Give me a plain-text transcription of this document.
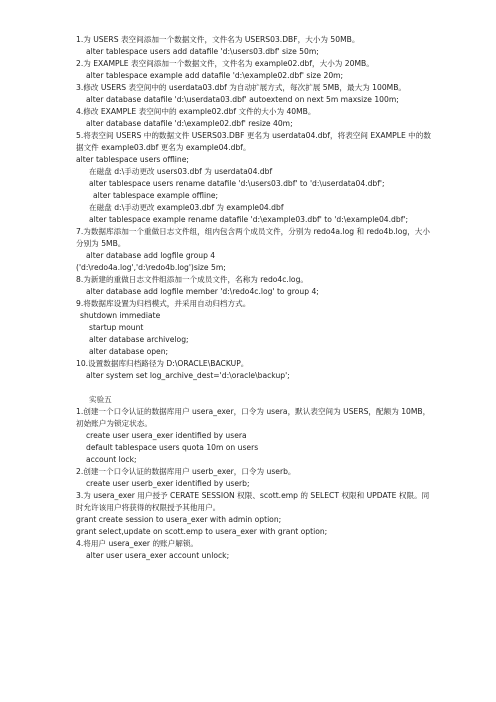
1.为 USERS 表空间添加一个数据文件，文件名为 USERS03.DBF，大小为 50MB。
alter tablespace users add datafile 'd:\users03.dbf' size 50m;
2.为 EXAMPLE 表空间添加一个数据文件，文件名为 example02.dbf，大小为 20MB。
alter tablespace example add datafile 'd:\example02.dbf' size 20m;
3.修改 USERS 表空间中的 userdata03.dbf 为自动扩展方式，每次扩展 5MB，最大为 100MB。
alter database datafile 'd:\userdata03.dbf' autoextend on next 5m maxsize 100m;
4.修改 EXAMPLE 表空间中的 example02.dbf 文件的大小为 40MB。
alter database datafile 'd:\example02.dbf' resize 40m;
5.将表空间 USERS 中的数据文件 USERS03.DBF 更名为 userdata04.dbf，将表空间 EXAMPLE 中的数据文件 example03.dbf 更名为 example04.dbf。
alter tablespace users offline;
在磁盘 d:\手动更改 users03.dbf 为 userdata04.dbf
alter tablespace users rename datafile 'd:\users03.dbf' to 'd:\userdata04.dbf';
alter tablespace example offline;
在磁盘 d:\手动更改 example03.dbf 为 example04.dbf
alter tablespace example rename datafile 'd:\example03.dbf' to 'd:\example04.dbf';
7.为数据库添加一个重做日志文件组，组内包含两个成员文件，分别为 redo4a.log 和 redo4b.log，大小分别为 5MB。
alter database add logfile group 4
('d:\redo4a.log','d:\redo4b.log')size 5m;
8.为新建的重做日志文件组添加一个成员文件，名称为 redo4c.log。
alter database add logfile member 'd:\redo4c.log' to group 4;
9.将数据库设置为归档模式，并采用自动归档方式。
shutdown immediate
startup mount
alter database archivelog;
alter database open;
10.设置数据库归档路径为 D:\ORACLE\BACKUP。
alter system set log_archive_dest='d:\oracle\backup';
实验五
1.创建一个口令认证的数据库用户 usera_exer，口令为 usera，默认表空间为 USERS，配额为 10MB，初始账户为锁定状态。
create user usera_exer identified by usera
default tablespace users quota 10m on users
account lock;
2.创建一个口令认证的数据库用户 userb_exer，口令为 userb。
create user userb_exer identified by userb;
3.为 usera_exer 用户授予 CERATE SESSION 权限、scott.emp 的 SELECT 权限和 UPDATE 权限。同时允许该用户将获得的权限授予其他用户。
grant create session to usera_exer with admin option;
grant select,update on scott.emp to usera_exer with grant option;
4.将用户 usera_exer 的账户解锁。
alter user usera_exer account unlock;
